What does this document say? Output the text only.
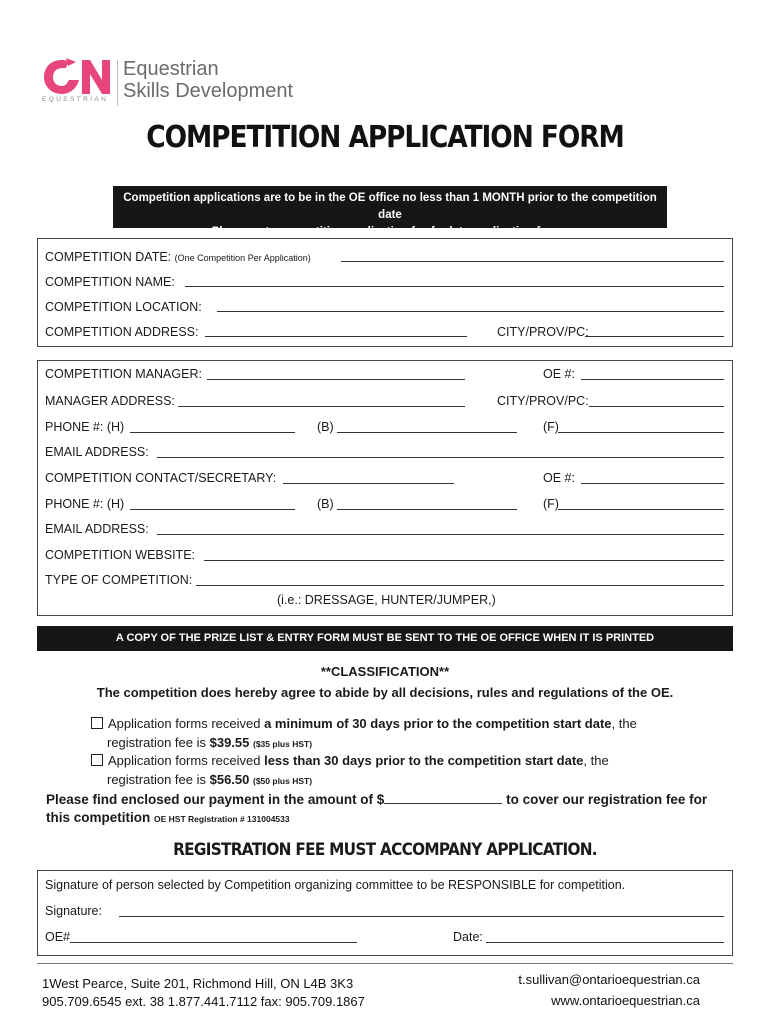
EQUESTRIAN
Equestrian
Skills Development
COMPETITION APPLICATION FORM
Competition applications are to be in the OE office no less than 1 MONTH prior to the competition date
~~ Please note competition application fee for late application forms ~~
COMPETITION DATE: (One Competition Per Application)
COMPETITION NAME:
COMPETITION LOCATION:
COMPETITION ADDRESS:	CITY/PROV/PC:
COMPETITION MANAGER:	OE #:
MANAGER ADDRESS:	CITY/PROV/PC:
PHONE #: (H)	(B)	(F)
EMAIL ADDRESS:
COMPETITION CONTACT/SECRETARY:	OE #:
PHONE #: (H)	(B)	(F)
EMAIL ADDRESS:
COMPETITION WEBSITE:
TYPE OF COMPETITION:
(i.e.: DRESSAGE, HUNTER/JUMPER,)
A COPY OF THE PRIZE LIST & ENTRY FORM MUST BE SENT TO THE OE OFFICE WHEN IT IS PRINTED
**CLASSIFICATION**
The competition does hereby agree to abide by all decisions, rules and regulations of the OE.
Application forms received a minimum of 30 days prior to the competition start date, the
registration fee is $39.55 ($35 plus HST)
Application forms received less than 30 days prior to the competition start date, the
registration fee is $56.50 ($50 plus HST)
Please find enclosed our payment in the amount of $	to cover our registration fee for
this competition OE HST Registration # 131004533
REGISTRATION FEE MUST ACCOMPANY APPLICATION.
Signature of person selected by Competition organizing committee to be RESPONSIBLE for competition.
Signature:
OE#	Date:
1West Pearce, Suite 201, Richmond Hill, ON L4B 3K3
905.709.6545 ext. 38 1.877.441.7112 fax: 905.709.1867
t.sullivan@ontarioequestrian.ca
www.ontarioequestrian.ca
